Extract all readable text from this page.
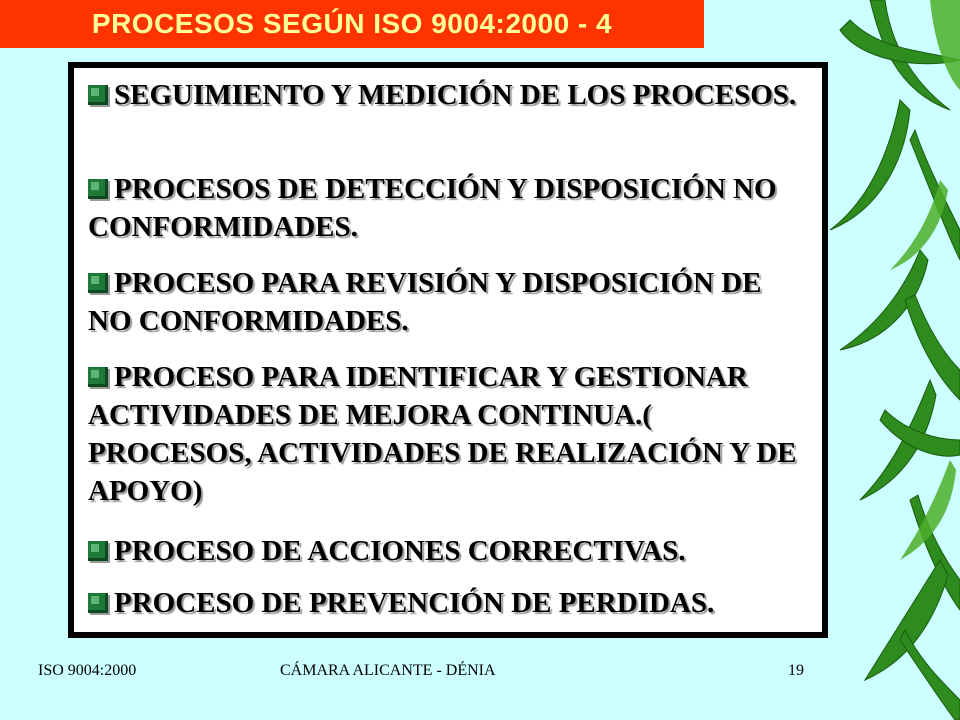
PROCESOS SEGÚN ISO 9004:2000 - 4
SEGUIMIENTO Y MEDICIÓN DE LOS PROCESOS.
PROCESOS DE DETECCIÓN Y DISPOSICIÓN NO CONFORMIDADES.
PROCESO PARA REVISIÓN Y DISPOSICIÓN DE NO CONFORMIDADES.
PROCESO PARA IDENTIFICAR Y GESTIONAR ACTIVIDADES DE MEJORA CONTINUA.( PROCESOS, ACTIVIDADES DE REALIZACIÓN Y DE APOYO)
PROCESO DE ACCIONES CORRECTIVAS.
PROCESO DE PREVENCIÓN DE PERDIDAS.
ISO 9004:2000	CÁMARA ALICANTE - DÉNIA	19
